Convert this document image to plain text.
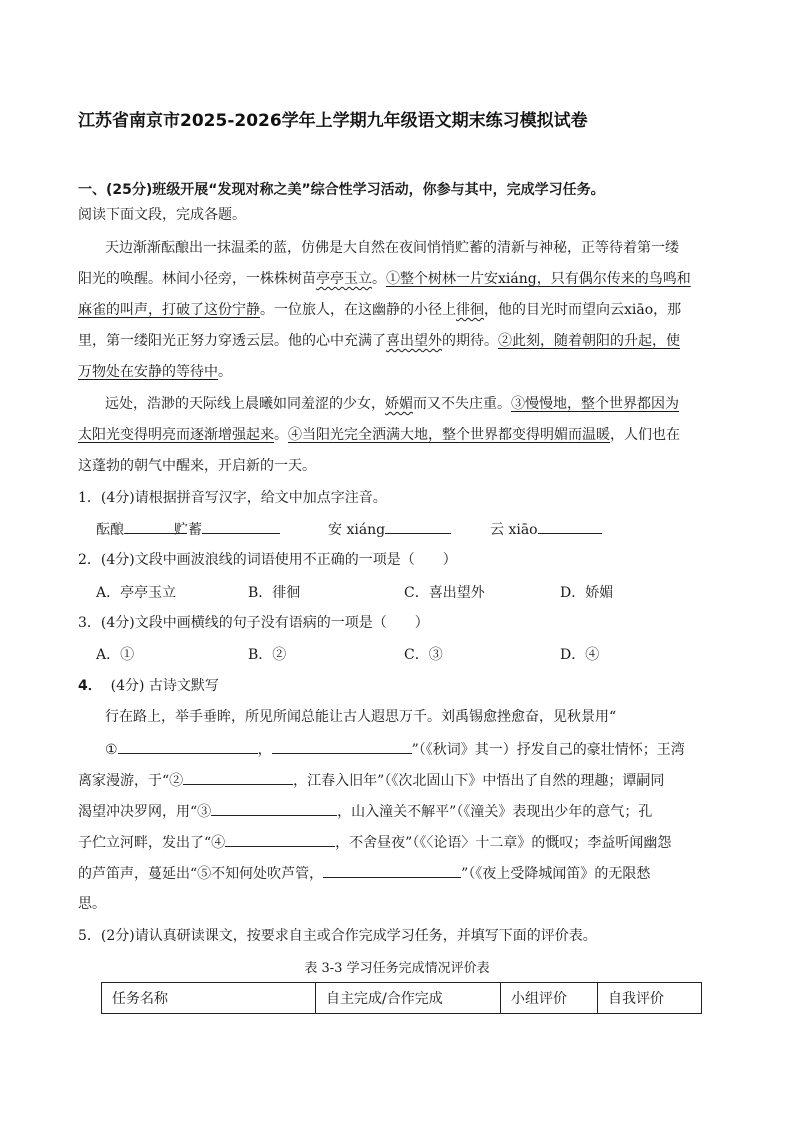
江苏省南京市2025-2026学年上学期九年级语文期末练习模拟试卷
一、(25分)班级开展“发现对称之美”综合性学习活动，你参与其中，完成学习任务。
阅读下面文段，完成各题。
天边渐渐酝酿出一抹温柔的蓝，仿佛是大自然在夜间悄悄贮蓄的清新与神秘，正等待着第一缕
阳光的唤醒。林间小径旁，一株株树苗亭亭玉立。①整个树林一片安xiáng，只有偶尔传来的鸟鸣和
麻雀的叫声，打破了这份宁静。一位旅人，在这幽静的小径上徘徊，他的目光时而望向云xiāo，那
里，第一缕阳光正努力穿透云层。他的心中充满了喜出望外的期待。②此刻，随着朝阳的升起，使
万物处在安静的等待中。
远处，浩渺的天际线上晨曦如同羞涩的少女，娇媚而又不失庄重。③慢慢地，整个世界都因为
太阳光变得明亮而逐渐增强起来。④当阳光完全洒满大地，整个世界都变得明媚而温暖，人们也在
这蓬勃的朝气中醒来，开启新的一天。
1．(4分)请根据拼音写汉字，给文中加点字注音。
酝酿	贮蓄	安 xiáng	云 xiāo
2．(4分)文段中画波浪线的词语使用不正确的一项是（　　）
A．亭亭玉立	B．徘徊	C．喜出望外	D．娇媚
3．(4分)文段中画横线的句子没有语病的一项是（　　）
A．①	B．②	C．③	D．④
4． (4分) 古诗文默写
行在路上，举手垂眸，所见所闻总能让古人遐思万千。刘禹锡愈挫愈奋，见秋景用“
①	，	”（《秋词》其一）抒发自己的豪壮情怀；王湾
离家漫游，于“②	，江春入旧年”（《次北固山下》中悟出了自然的理趣；谭嗣同
渴望冲决罗网，用“③	，山入潼关不解平”（《潼关》表现出少年的意气；孔
子伫立河畔，发出了“④	，不舍昼夜”（《〈论语〉十二章》的慨叹；李益听闻幽怨
的芦笛声，蔓延出“⑤不知何处吹芦管，	”（《夜上受降城闻笛》的无限愁
思。
5．(2分)请认真研读课文，按要求自主或合作完成学习任务，并填写下面的评价表。
表 3-3 学习任务完成情况评价表
任务名称	自主完成/合作完成	小组评价	自我评价
